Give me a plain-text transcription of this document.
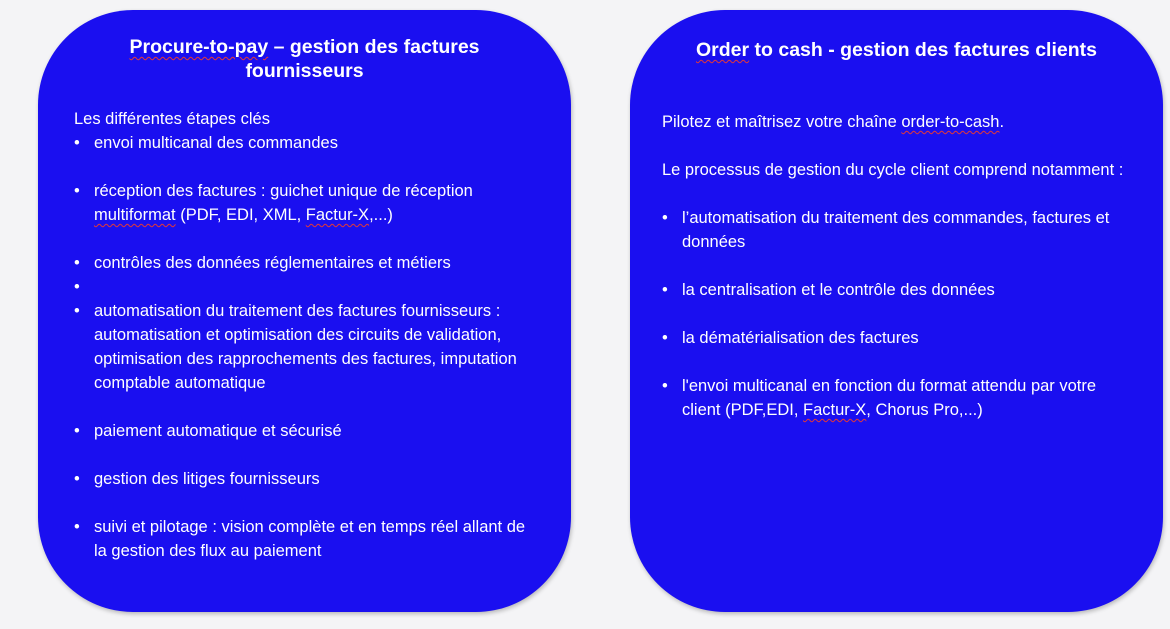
Procure-to-pay – gestion des factures fournisseurs

Les différentes étapes clés

• envoi multicanal des commandes
• réception des factures : guichet unique de réception multiformat (PDF, EDI, XML, Factur-X,...)
• contrôles des données réglementaires et métiers
•
• automatisation du traitement des factures fournisseurs : automatisation et optimisation des circuits de validation, optimisation des rapprochements des factures, imputation comptable automatique
• paiement automatique et sécurisé
• gestion des litiges fournisseurs
• suivi et pilotage : vision complète et en temps réel allant de la gestion des flux au paiement
Order to cash - gestion des factures clients

Pilotez et maîtrisez votre chaîne order-to-cash.

Le processus de gestion du cycle client comprend notamment :

• l’automatisation du traitement des commandes, factures et données
• la centralisation et le contrôle des données
• la dématérialisation des factures
• l'envoi multicanal en fonction du format attendu par votre client (PDF,EDI, Factur-X, Chorus Pro,...)
